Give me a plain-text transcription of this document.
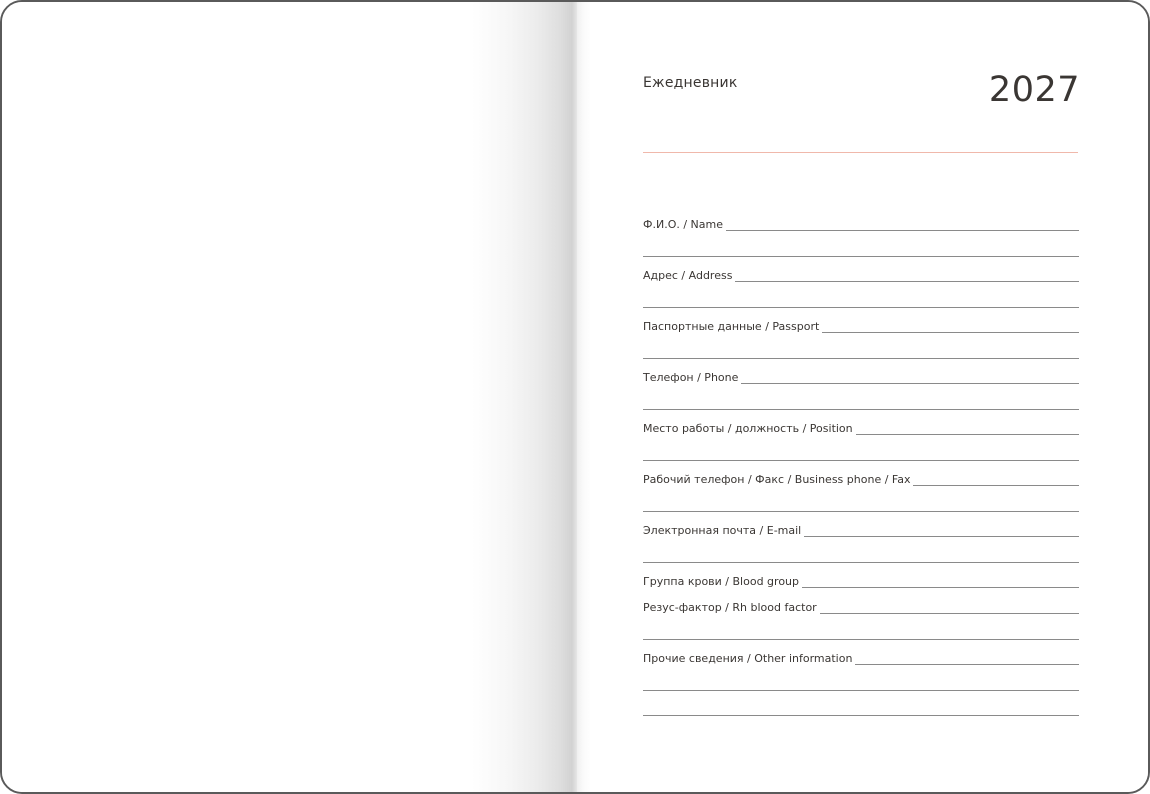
Ежедневник	2027
Ф.И.О. / Name
Адрес / Address
Паспортные данные / Passport
Телефон / Phone
Место работы / должность / Position
Рабочий телефон / Факс / Business phone / Fax
Электронная почта / E-mail
Группа крови / Blood group
Резус-фактор / Rh blood factor
Прочие сведения / Other information
